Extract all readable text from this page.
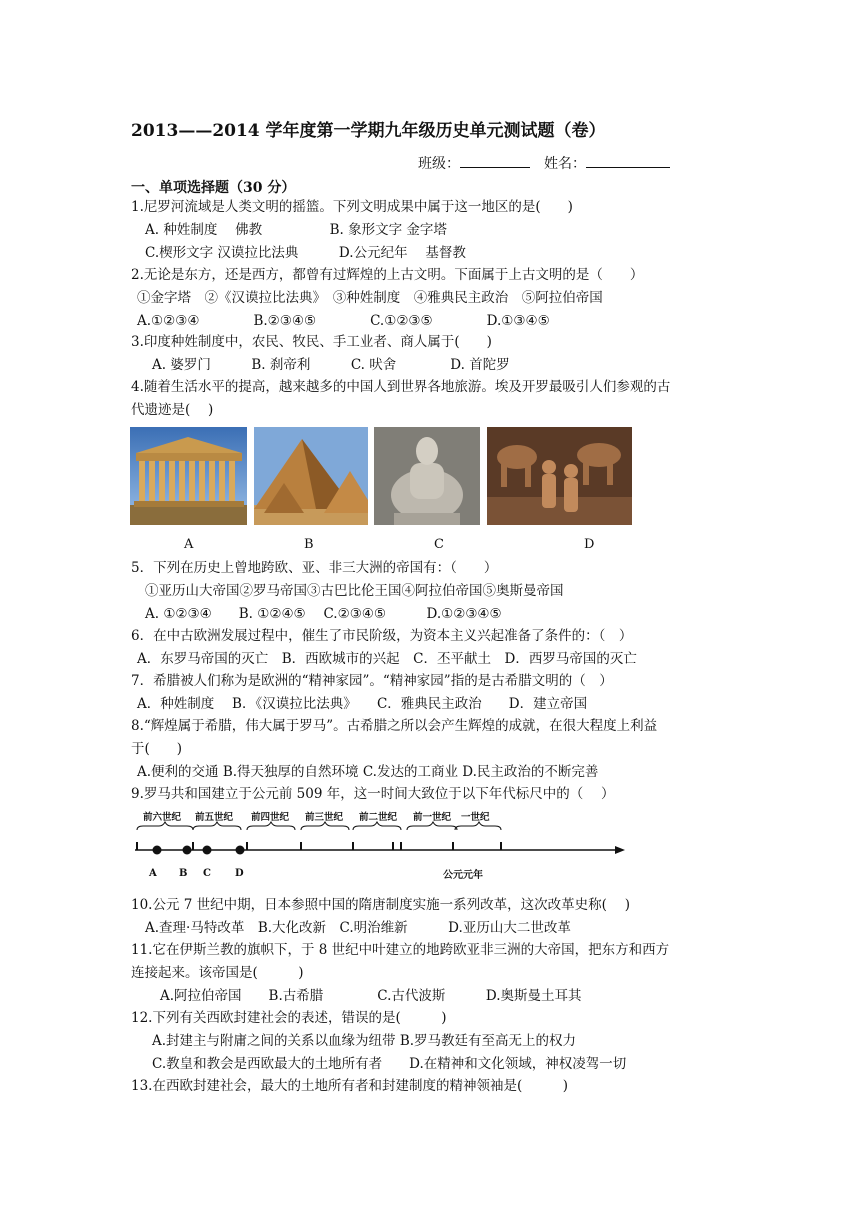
2013——2014 学年度第一学期九年级历史单元测试题（卷）
班级：	姓名：
一、单项选择题（30 分）
1.尼罗河流域是人类文明的摇篮。下列文明成果中属于这一地区的是(　　)
A. 种姓制度　 佛教　　　　　B. 象形文字 金字塔
C.楔形文字 汉谟拉比法典　　　D.公元纪年　 基督教
2.无论是东方，还是西方，都曾有过辉煌的上古文明。下面属于上古文明的是（　　）
①金字塔　②《汉谟拉比法典》　③种姓制度　④雅典民主政治　⑤阿拉伯帝国
A.①②③④　　　　B.②③④⑤　　　　C.①②③⑤　　　　D.①③④⑤
3.印度种姓制度中，农民、牧民、手工业者、商人属于(　　)
A. 婆罗门　　　B. 刹帝利　　　C. 吠舍　　　　D. 首陀罗
4.随着生活水平的提高，越来越多的中国人到世界各地旅游。埃及开罗最吸引人们参观的古
代遗迹是(　 )
A	B	C	D
5．下列在历史上曾地跨欧、亚、非三大洲的帝国有：（　　）
①亚历山大帝国②罗马帝国③古巴比伦王国④阿拉伯帝国⑤奥斯曼帝国
A. ①②③④　　B. ①②④⑤　 C.②③④⑤　　　D.①②③④⑤
6．在中古欧洲发展过程中，催生了市民阶级，为资本主义兴起准备了条件的：（　）
A．东罗马帝国的灭亡　B．西欧城市的兴起　C．丕平献土　D．西罗马帝国的灭亡
7．希腊被人们称为是欧洲的“精神家园”。“精神家园”指的是古希腊文明的（　）
A．种姓制度　 B．《汉谟拉比法典》　　C．雅典民主政治　　D．建立帝国
8.“辉煌属于希腊，伟大属于罗马”。古希腊之所以会产生辉煌的成就，在很大程度上利益
于(　　)
A.便利的交通 B.得天独厚的自然环境 C.发达的工商业 D.民主政治的不断完善
9.罗马共和国建立于公元前 509 年，这一时间大致位于以下年代标尺中的（　 ）
前六世纪 前五世纪 前四世纪 前三世纪 前二世纪 前一世纪 一世纪
A B C D	公元元年
10.公元 7 世纪中期，日本参照中国的隋唐制度实施一系列改革，这次改革史称(　 )
A.查理·马特改革　B.大化改新　C.明治维新　　　D.亚历山大二世改革
11.它在伊斯兰教的旗帜下，于 8 世纪中叶建立的地跨欧亚非三洲的大帝国，把东方和西方
连接起来。该帝国是(　　　)
A.阿拉伯帝国　　B.古希腊　　　　C.古代波斯　　　D.奥斯曼土耳其
12.下列有关西欧封建社会的表述，错误的是(　　　)
A.封建主与附庸之间的关系以血缘为纽带 B.罗马教廷有至高无上的权力
C.教皇和教会是西欧最大的土地所有者　　D.在精神和文化领域，神权凌驾一切
13.在西欧封建社会，最大的土地所有者和封建制度的精神领袖是(　　　)
